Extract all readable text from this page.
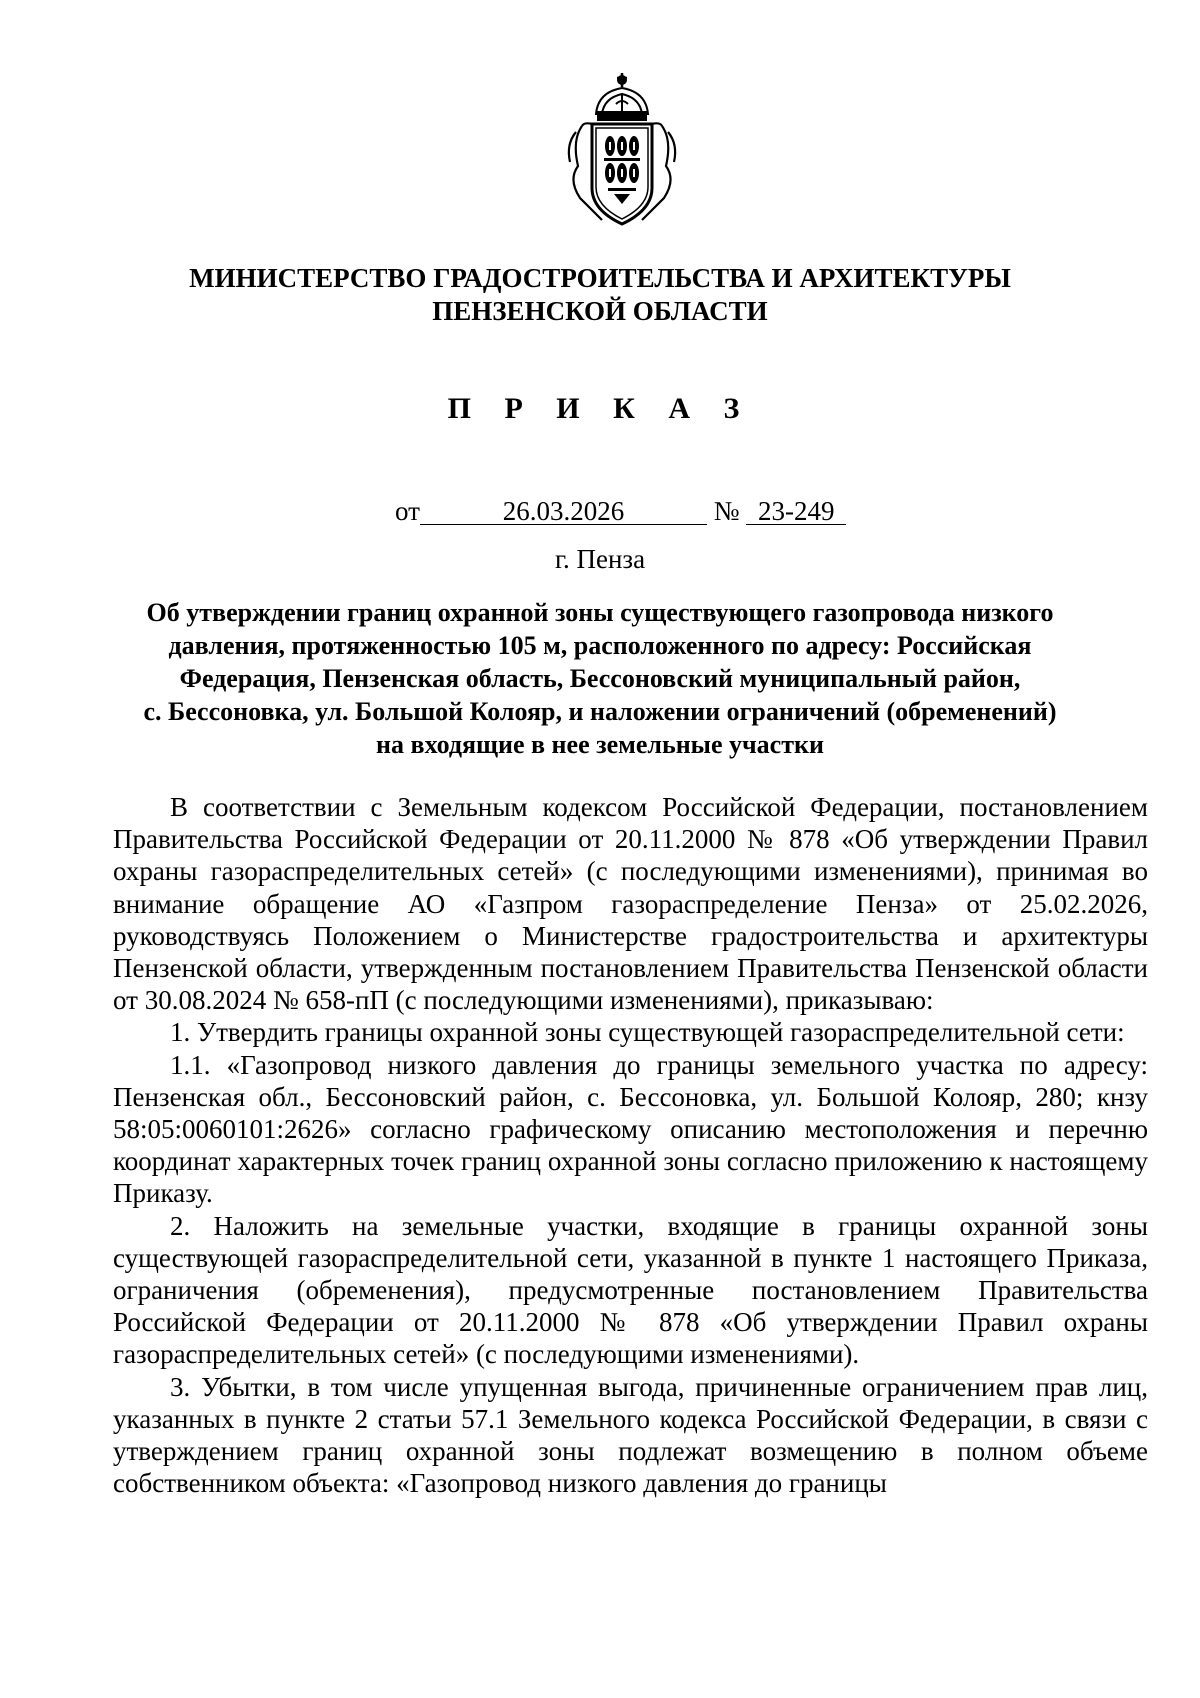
МИНИСТЕРСТВО ГРАДОСТРОИТЕЛЬСТВА И АРХИТЕКТУРЫ
ПЕНЗЕНСКОЙ ОБЛАСТИ
П Р И К А З
от	26.03.2026	№ 23-249
г. Пенза
Об утверждении границ охранной зоны существующего газопровода низкого
давления, протяженностью 105 м, расположенного по адресу: Российская
Федерация, Пензенская область, Бессоновский муниципальный район,
с. Бессоновка, ул. Большой Колояр, и наложении ограничений (обременений)
на входящие в нее земельные участки

В соответствии с Земельным кодексом Российской Федерации, постановлением Правительства Российской Федерации от 20.11.2000 № 878 «Об утверждении Правил охраны газораспределительных сетей» (с последующими изменениями), принимая во внимание обращение АО «Газпром газораспределение Пенза» от 25.02.2026, руководствуясь Положением о Министерстве градостроительства и архитектуры Пензенской области, утвержденным постановлением Правительства Пензенской области от 30.08.2024 № 658-пП (с последующими изменениями), приказываю:

1. Утвердить границы охранной зоны существующей газораспределительной сети:

1.1. «Газопровод низкого давления до границы земельного участка по адресу: Пензенская обл., Бессоновский район, с. Бессоновка, ул. Большой Колояр, 280; кнзу 58:05:0060101:2626» согласно графическому описанию местоположения и перечню координат характерных точек границ охранной зоны согласно приложению к настоящему Приказу.

2. Наложить на земельные участки, входящие в границы охранной зоны существующей газораспределительной сети, указанной в пункте 1 настоящего Приказа, ограничения (обременения), предусмотренные постановлением Правительства Российской Федерации от 20.11.2000 № 878 «Об утверждении Правил охраны газораспределительных сетей» (с последующими изменениями).

3. Убытки, в том числе упущенная выгода, причиненные ограничением прав лиц, указанных в пункте 2 статьи 57.1 Земельного кодекса Российской Федерации, в связи с утверждением границ охранной зоны подлежат возмещению в полном объеме собственником объекта: «Газопровод низкого давления до границы
